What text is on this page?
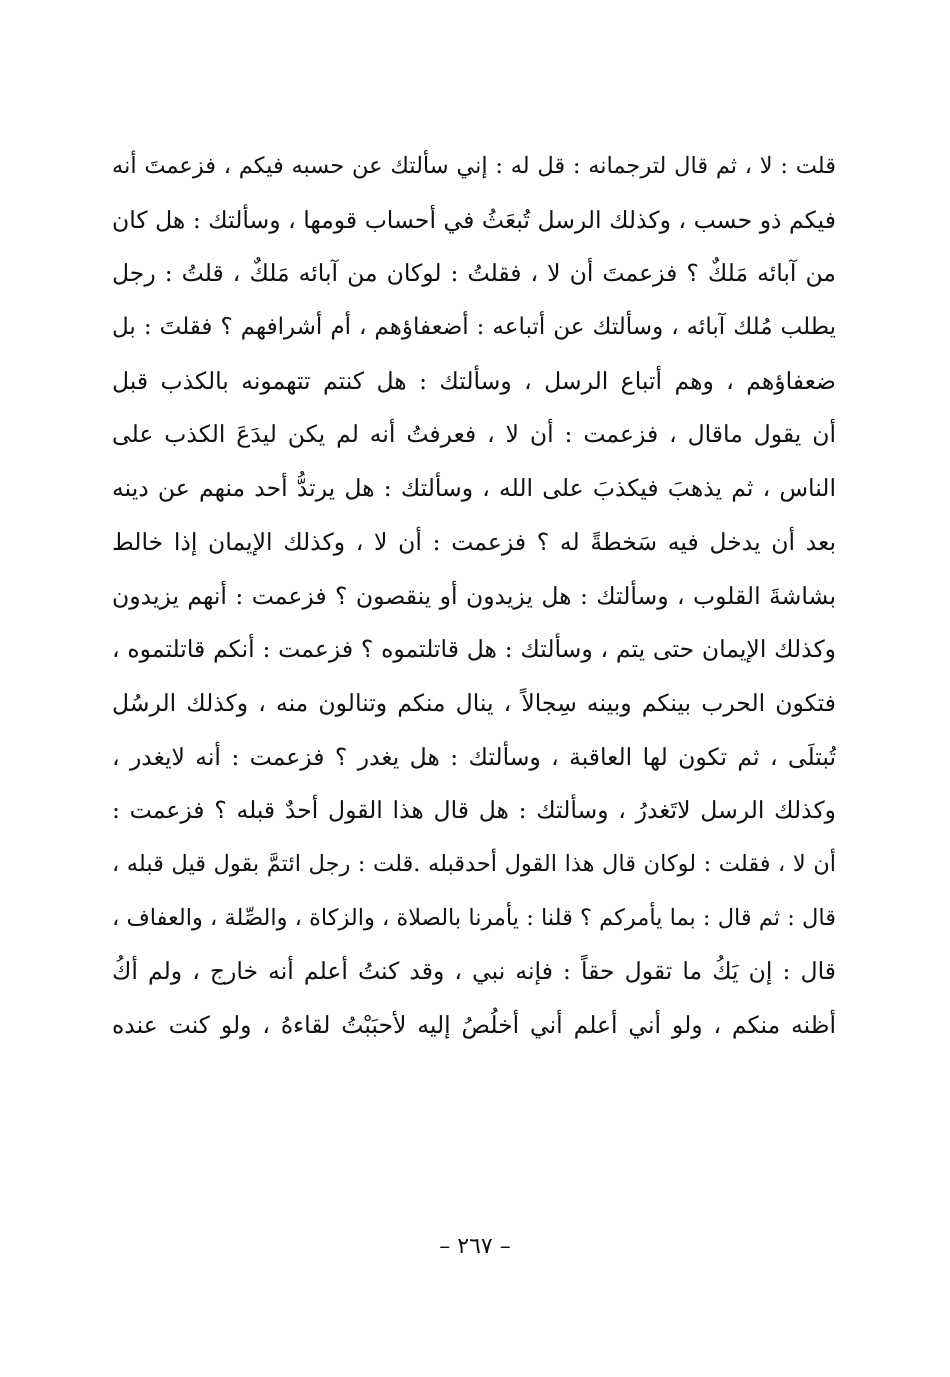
قلت : لا ، ثم قال لترجمانه : قل له : إني سألتك عن حسبه فيكم ، فزعمتَ أنه
فيكم ذو حسب ، وكذلك الرسل تُبعَثُ في أحساب قومها ، وسألتك : هل كان
من آبائه مَلكٌ ؟ فزعمتَ أن لا ، فقلتُ : لوكان من آبائه مَلكٌ ، قلتُ : رجل
يطلب مُلك آبائه ، وسألتك عن أتباعه : أضعفاؤهم ، أم أشرافهم ؟ فقلتَ : بل
ضعفاؤهم ، وهم أتباع الرسل ، وسألتك : هل كنتم تتهمونه بالكذب قبل
أن يقول ماقال ، فزعمت : أن لا ، فعرفتُ أنه لم يكن ليدَعَ الكذب على
الناس ، ثم يذهبَ فيكذبَ على الله ، وسألتك : هل يرتدُّ أحد منهم عن دينه
بعد أن يدخل فيه سَخطةً له ؟ فزعمت : أن لا ، وكذلك الإيمان إذا خالط
بشاشةَ القلوب ، وسألتك : هل يزيدون أو ينقصون ؟ فزعمت : أنهم يزيدون
وكذلك الإيمان حتى يتم ، وسألتك : هل قاتلتموه ؟ فزعمت : أنكم قاتلتموه ،
فتكون الحرب بينكم وبينه سِجالاً ، ينال منكم وتنالون منه ، وكذلك الرسُل
تُبتلَى ، ثم تكون لها العاقبة ، وسألتك : هل يغدر ؟ فزعمت : أنه لايغدر ،
وكذلك الرسل لاتَغدرُ ، وسألتك : هل قال هذا القول أحدٌ قبله ؟ فزعمت :
أن لا ، فقلت : لوكان قال هذا القول أحدقبله .قلت : رجل ائتمَّ بقول قيل قبله ،
قال : ثم قال : بما يأمركم ؟ قلنا : يأمرنا بالصلاة ، والزكاة ، والصِّلة ، والعفاف ،
قال : إن يَكُ ما تقول حقاً : فإنه نبي ، وقد كنتُ أعلم أنه خارج ، ولم أكُ
أظنه منكم ، ولو أني أعلم أني أخلُصُ إليه لأحبَبْتُ لقاءهُ ، ولو كنت عنده
– ٢٦٧ –
